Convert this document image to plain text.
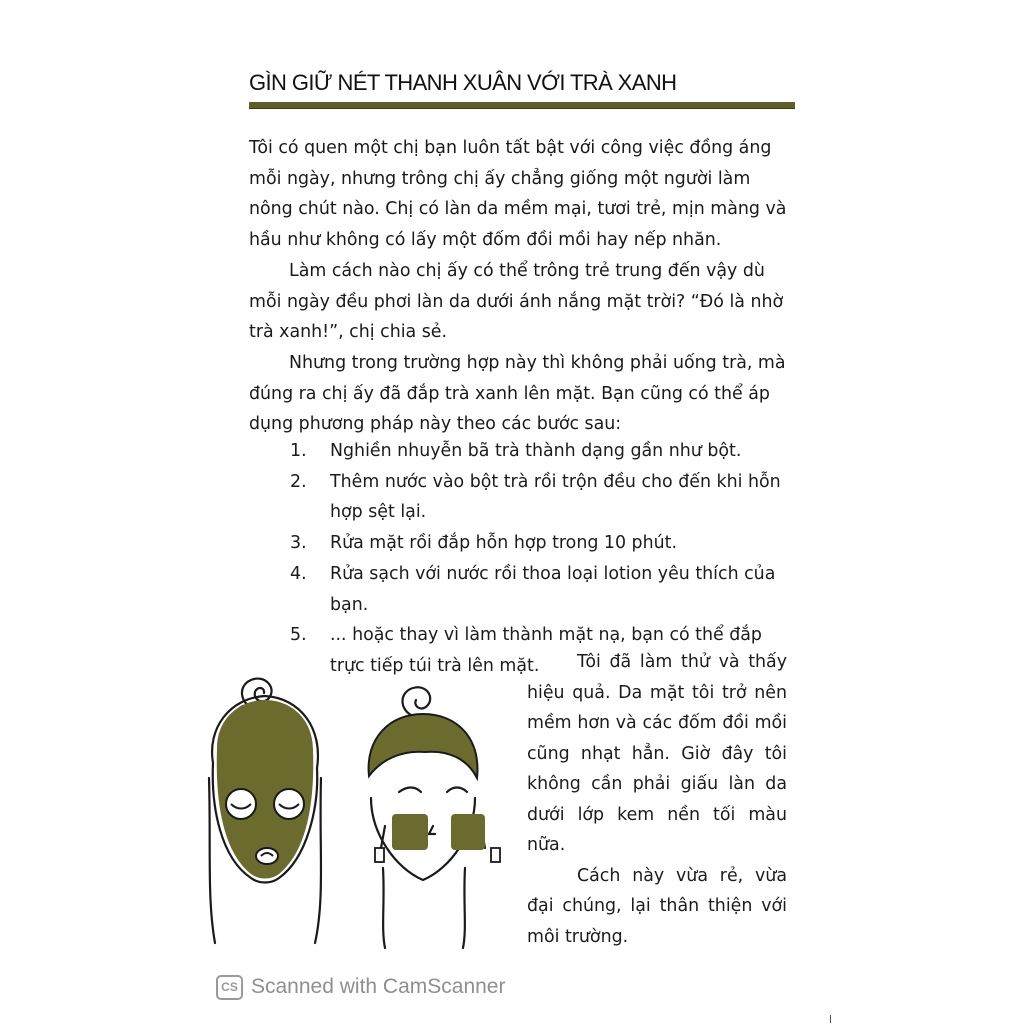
GÌN GIỮ NÉT THANH XUÂN VỚI TRÀ XANH

Tôi có quen một chị bạn luôn tất bật với công việc đồng áng mỗi ngày, nhưng trông chị ấy chẳng giống một người làm nông chút nào. Chị có làn da mềm mại, tươi trẻ, mịn màng và hầu như không có lấy một đốm đồi mồi hay nếp nhăn.

Làm cách nào chị ấy có thể trông trẻ trung đến vậy dù mỗi ngày đều phơi làn da dưới ánh nắng mặt trời? “Đó là nhờ trà xanh!”, chị chia sẻ.

Nhưng trong trường hợp này thì không phải uống trà, mà đúng ra chị ấy đã đắp trà xanh lên mặt. Bạn cũng có thể áp dụng phương pháp này theo các bước sau:

1. Nghiền nhuyễn bã trà thành dạng gần như bột.
2. Thêm nước vào bột trà rồi trộn đều cho đến khi hỗn hợp sệt lại.
3. Rửa mặt rồi đắp hỗn hợp trong 10 phút.
4. Rửa sạch với nước rồi thoa loại lotion yêu thích của bạn.
5. ... hoặc thay vì làm thành mặt nạ, bạn có thể đắp trực tiếp túi trà lên mặt.	Tôi đã làm thử và thấy hiệu quả. Da mặt tôi trở nên mềm hơn và các đốm đồi mồi cũng nhạt hẳn. Giờ đây tôi không cần phải giấu làn da dưới lớp kem nền tối màu nữa.

Cách này vừa rẻ, vừa đại chúng, lại thân thiện với môi trường.

CS Scanned with CamScanner
